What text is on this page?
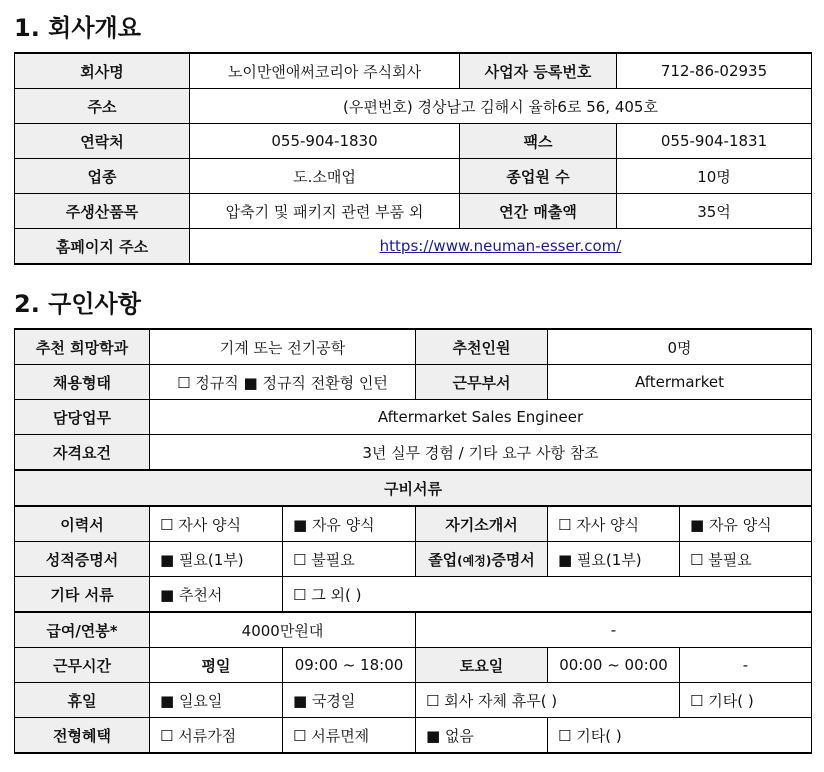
1. 회사개요
회사명	노이만앤애써코리아 주식회사	사업자 등록번호	712-86-02935
주소	(우편번호) 경상남고 김해시 율하6로 56, 405호		
연락처	055-904-1830	팩스	055-904-1831
업종	도.소매업	종업원 수	10명
주생산품목	압축기 및 패키지 관련 부품 외	연간 매출액	35억
홈페이지 주소	https://www.neuman-esser.com/		
2. 구인사항
추천 희망학과	기계 또는 전기공학		추천인원	0명	
채용형태	☐ 정규직 ■ 정규직 전환형 인턴		근무부서	Aftermarket	
담당업무	Aftermarket Sales Engineer				
자격요건	3년 실무 경험 / 기타 요구 사항 참조				
구비서류					
이력서	☐ 자사 양식	■ 자유 양식	자기소개서	☐ 자사 양식	■ 자유 양식
성적증명서	■ 필요(1부)	☐ 불필요	졸업(예정)증명서	■ 필요(1부)	☐ 불필요
기타 서류	■ 추천서	☐ 그 외( )			
급여/연봉*	4000만원대		-		
근무시간	평일	09:00 ~ 18:00	토요일	00:00 ~ 00:00	-
휴일	■ 일요일	■ 국경일	☐ 회사 자체 휴무( )		☐ 기타( )
전형혜택	☐ 서류가점	☐ 서류면제	■ 없음	☐ 기타( )	
